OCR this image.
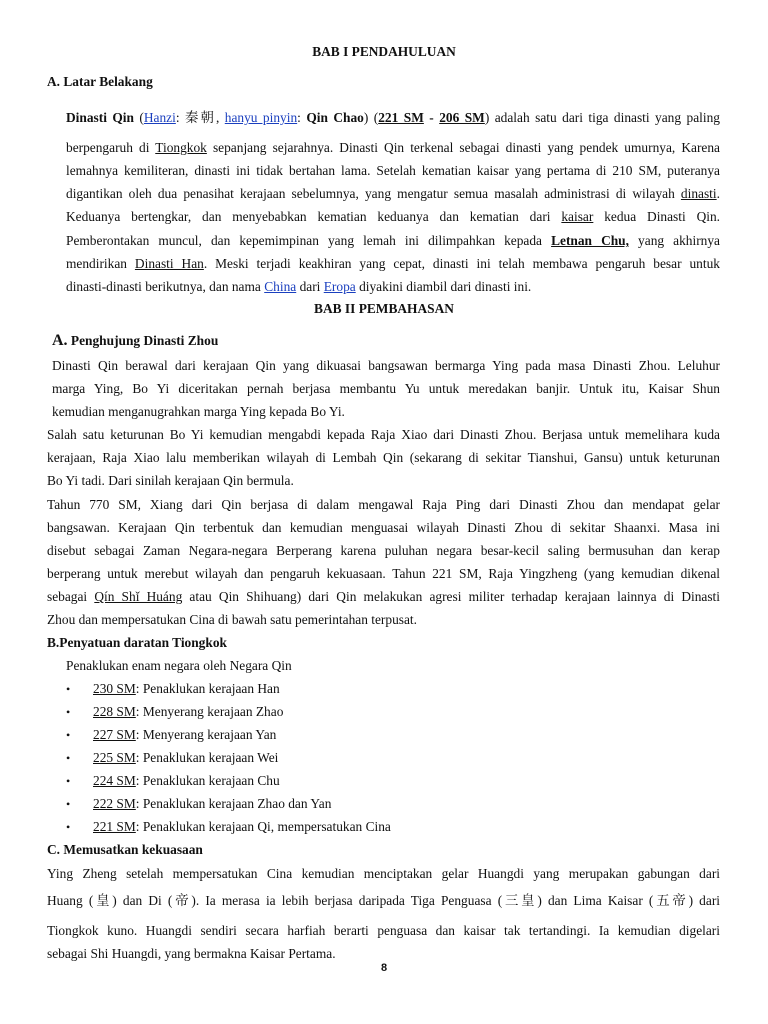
BAB I PENDAHULUAN
A. Latar Belakang
Dinasti Qin (Hanzi: 秦朝, hanyu pinyin: Qin Chao) (221 SM - 206 SM) adalah satu dari tiga dinasti yang paling
berpengaruh di Tiongkok sepanjang sejarahnya. Dinasti Qin terkenal sebagai dinasti yang pendek umurnya, Karena
lemahnya kemiliteran, dinasti ini tidak bertahan lama. Setelah kematian kaisar yang pertama di 210 SM, puteranya
digantikan oleh dua penasihat kerajaan sebelumnya, yang mengatur semua masalah administrasi di wilayah dinasti.
Keduanya bertengkar, dan menyebabkan kematian keduanya dan kematian dari kaisar kedua Dinasti Qin.
Pemberontakan muncul, dan kepemimpinan yang lemah ini dilimpahkan kepada Letnan Chu, yang akhirnya
mendirikan Dinasti Han. Meski terjadi keakhiran yang cepat, dinasti ini telah membawa pengaruh besar untuk
dinasti-dinasti berikutnya, dan nama China dari Eropa diyakini diambil dari dinasti ini.
BAB II PEMBAHASAN
A. Penghujung Dinasti Zhou
Dinasti Qin berawal dari kerajaan Qin yang dikuasai bangsawan bermarga Ying pada masa Dinasti Zhou. Leluhur
marga Ying, Bo Yi diceritakan pernah berjasa membantu Yu untuk meredakan banjir. Untuk itu, Kaisar Shun
kemudian menganugrahkan marga Ying kepada Bo Yi.
Salah satu keturunan Bo Yi kemudian mengabdi kepada Raja Xiao dari Dinasti Zhou. Berjasa untuk memelihara kuda
kerajaan, Raja Xiao lalu memberikan wilayah di Lembah Qin (sekarang di sekitar Tianshui, Gansu) untuk keturunan
Bo Yi tadi. Dari sinilah kerajaan Qin bermula.
Tahun 770 SM, Xiang dari Qin berjasa di dalam mengawal Raja Ping dari Dinasti Zhou dan mendapat gelar
bangsawan. Kerajaan Qin terbentuk dan kemudian menguasai wilayah Dinasti Zhou di sekitar Shaanxi. Masa ini
disebut sebagai Zaman Negara-negara Berperang karena puluhan negara besar-kecil saling bermusuhan dan kerap
berperang untuk merebut wilayah dan pengaruh kekuasaan. Tahun 221 SM, Raja Yingzheng (yang kemudian dikenal
sebagai Qín Shǐ Huáng atau Qin Shihuang) dari Qin melakukan agresi militer terhadap kerajaan lainnya di Dinasti
Zhou dan mempersatukan Cina di bawah satu pemerintahan terpusat.
B.Penyatuan daratan Tiongkok
Penaklukan enam negara oleh Negara Qin
• 230 SM: Penaklukan kerajaan Han
• 228 SM: Menyerang kerajaan Zhao
• 227 SM: Menyerang kerajaan Yan
• 225 SM: Penaklukan kerajaan Wei
• 224 SM: Penaklukan kerajaan Chu
• 222 SM: Penaklukan kerajaan Zhao dan Yan
• 221 SM: Penaklukan kerajaan Qi, mempersatukan Cina
C. Memusatkan kekuasaan
Ying Zheng setelah mempersatukan Cina kemudian menciptakan gelar Huangdi yang merupakan gabungan dari
Huang (皇) dan Di (帝). Ia merasa ia lebih berjasa daripada Tiga Penguasa (三皇) dan Lima Kaisar (五帝) dari
Tiongkok kuno. Huangdi sendiri secara harfiah berarti penguasa dan kaisar tak tertandingi. Ia kemudian digelari
sebagai Shi Huangdi, yang bermakna Kaisar Pertama.
8
